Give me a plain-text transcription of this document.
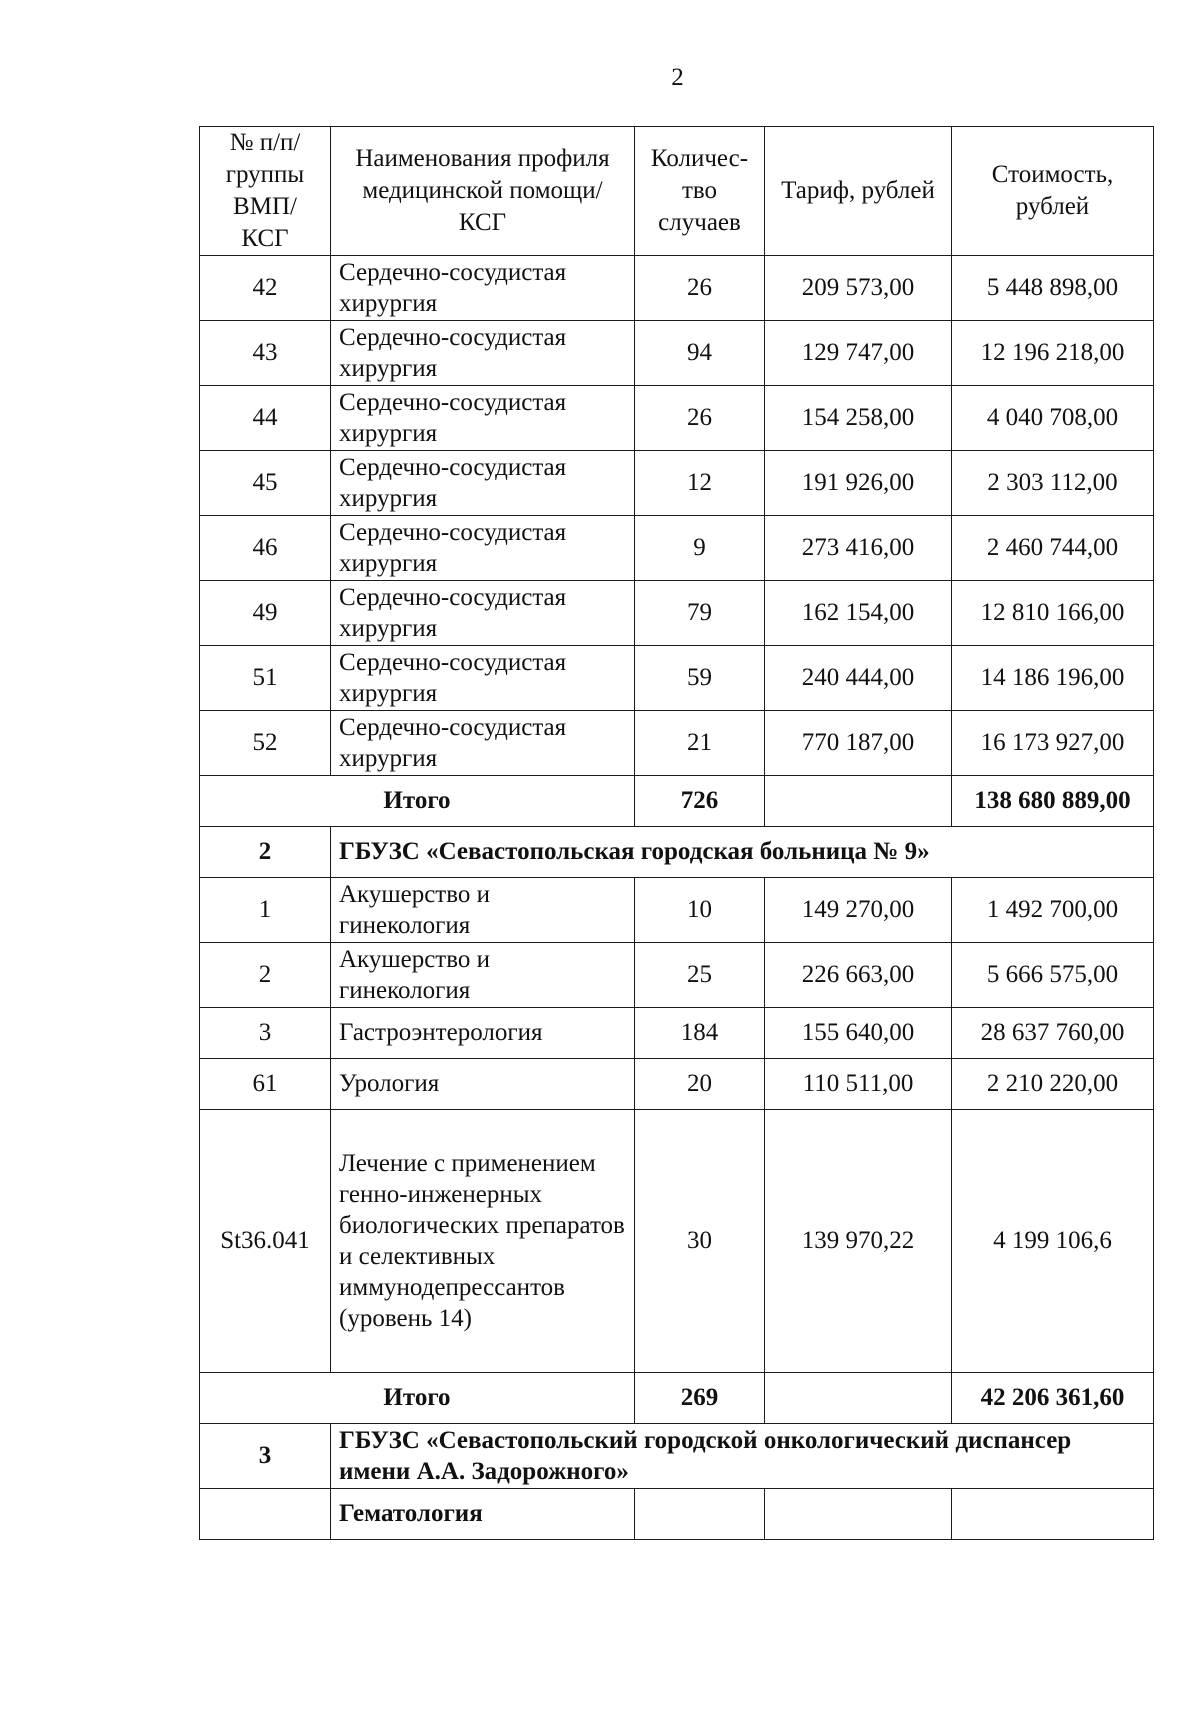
2
№ п/п/ группы ВМП/ КСГ	Наименования профиля медицинской помощи/КСГ	Количес-тво случаев	Тариф, рублей	Стоимость, рублей
42	Сердечно-сосудистая хирургия	26	209 573,00	5 448 898,00
43	Сердечно-сосудистая хирургия	94	129 747,00	12 196 218,00
44	Сердечно-сосудистая хирургия	26	154 258,00	4 040 708,00
45	Сердечно-сосудистая хирургия	12	191 926,00	2 303 112,00
46	Сердечно-сосудистая хирургия	9	273 416,00	2 460 744,00
49	Сердечно-сосудистая хирургия	79	162 154,00	12 810 166,00
51	Сердечно-сосудистая хирургия	59	240 444,00	14 186 196,00
52	Сердечно-сосудистая хирургия	21	770 187,00	16 173 927,00
Итого		726		138 680 889,00
2	ГБУЗС «Севастопольская городская больница № 9»			
1	Акушерство и гинекология	10	149 270,00	1 492 700,00
2	Акушерство и гинекология	25	226 663,00	5 666 575,00
3	Гастроэнтерология	184	155 640,00	28 637 760,00
61	Урология	20	110 511,00	2 210 220,00
St36.041	Лечение с применением генно-инженерных биологических препаратов и селективных иммунодепрессантов (уровень 14)	30	139 970,22	4 199 106,6
Итого		269		42 206 361,60
3	ГБУЗС «Севастопольский городской онкологический диспансер имени А.А. Задорожного»			
	Гематология			
